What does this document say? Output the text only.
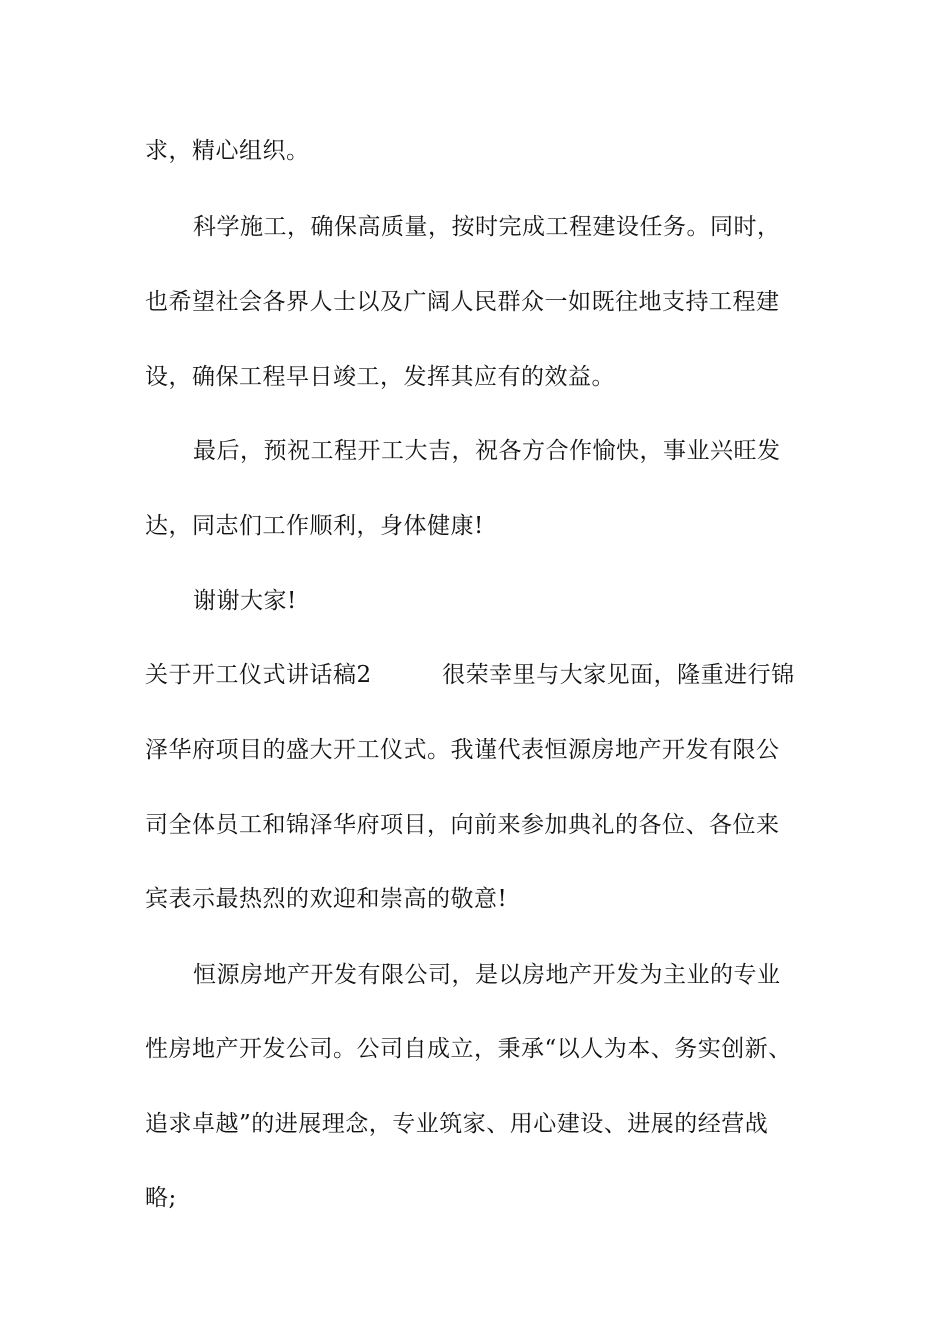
求，精心组织。
科学施工，确保高质量，按时完成工程建设任务。同时，
也希望社会各界人士以及广阔人民群众一如既往地支持工程建
设，确保工程早日竣工，发挥其应有的效益。
最后，预祝工程开工大吉，祝各方合作愉快，事业兴旺发
达，同志们工作顺利，身体健康!
谢谢大家!
关于开工仪式讲话稿2　　　很荣幸里与大家见面，隆重进行锦
泽华府项目的盛大开工仪式。我谨代表恒源房地产开发有限公
司全体员工和锦泽华府项目，向前来参加典礼的各位、各位来
宾表示最热烈的欢迎和崇高的敬意!
恒源房地产开发有限公司，是以房地产开发为主业的专业
性房地产开发公司。公司自成立，秉承“以人为本、务实创新、
追求卓越”的进展理念，专业筑家、用心建设、进展的经营战
略;
